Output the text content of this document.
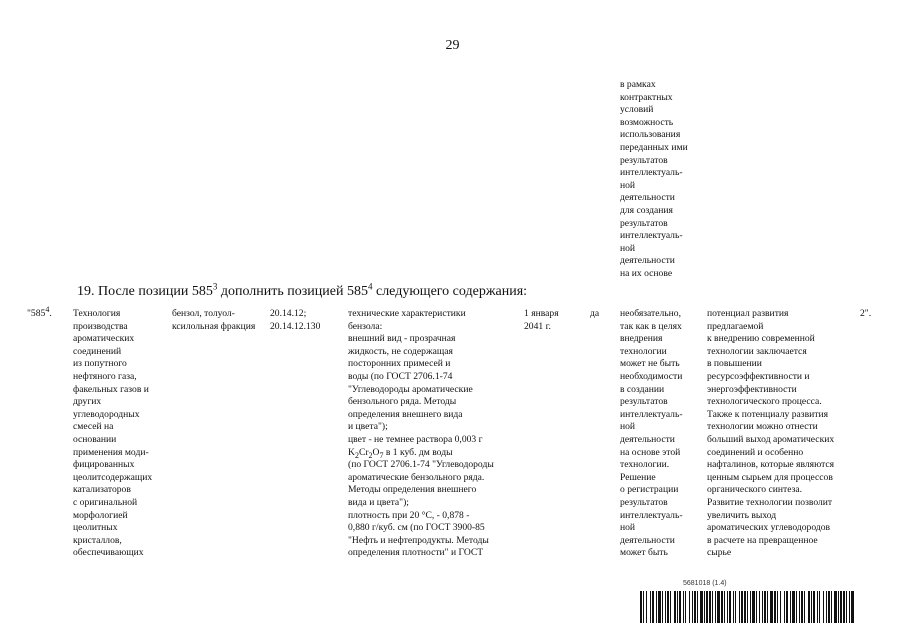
29
в рамках
контрактных
условий
возможность
использования
переданных ими
результатов
интеллектуаль-
ной
деятельности
для создания
результатов
интеллектуаль-
ной
деятельности
на их основе
19. После позиции $585^3$ дополнить позицией $585^4$ следующего содержания:
"$585^4$.	Технология
производства
ароматических
соединений
из попутного
нефтяного газа,
факельных газов и
других
углеводородных
смесей на
основании
применения моди-
фицированных
цеолитсодержащих
катализаторов
с оригинальной
морфологией
цеолитных
кристаллов,
обеспечивающих
бензол, толуол-
ксилольная фракция
20.14.12;
20.14.12.130
технические характеристики
бензола:
внешний вид - прозрачная
жидкость, не содержащая
посторонних примесей и
воды (по ГОСТ 2706.1-74
"Углеводороды ароматические
бензольного ряда. Методы
определения внешнего вида
и цвета");
цвет - не темнее раствора 0,003 г
$K_2Cr_2O_7$ в 1 куб. дм воды
(по ГОСТ 2706.1-74 "Углеводороды
ароматические бензольного ряда.
Методы определения внешнего
вида и цвета");
плотность при 20 °С, - 0,878 -
0,880 г/куб. см (по ГОСТ 3900-85
"Нефть и нефтепродукты. Методы
определения плотности" и ГОСТ
1 января
2041 г.
да	необязательно,
так как в целях
внедрения
технологии
может не быть
необходимости
в создании
результатов
интеллектуаль-
ной
деятельности
на основе этой
технологии.
Решение
о регистрации
результатов
интеллектуаль-
ной
деятельности
может быть
потенциал развития
предлагаемой
к внедрению современной
технологии заключается
в повышении
ресурсоэффективности и
энергоэффективности
технологического процесса.
Также к потенциалу развития
технологии можно отнести
больший выход ароматических
соединений и особенно
нафталинов, которые являются
ценным сырьем для процессов
органического синтеза.
Развитие технологии позволит
увеличить выход
ароматических углеводородов
в расчете на превращенное
сырье
2".
5681018 (1.4)
